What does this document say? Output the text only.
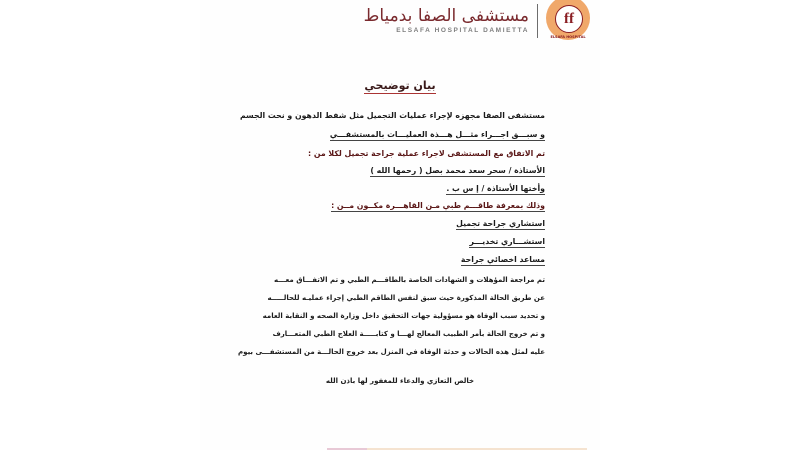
مستشفى الصفا بدمياط
ELSAFA HOSPITAL DAMIETTA
ff
ELSAFA HOSPITAL
بيان توضيحي
مستشفى الصفا مجهزه لإجراء عمليات التجميل مثل شفط الدهون و نحت الجسم
و سبـــق اجـــراء مثـــل هـــذة العمليـــات بالمستشفـــي
تم الاتفاق مع المستشفى لاجراء عملية جراحة تجميل لكلا من :
الأستاذة / سحر سعد محمد بصل ( رحمها الله )
وأختها الأستاذة / إ س ب .
وذلك بمعرفة طاقـــم طبي مـن القاهـــرة مكــون مــن :
استشاري جراحة تجميل
استشـــاري تخديـــر
مساعد اخصائي جراحة
تم مراجعة المؤهلات و الشهادات الخاصة بالطاقـــم الطبي و تم الاتفـــاق معـــه
عن طريق الحالة المذكورة حيث سبق لنفس الطاقم الطبي إجراء عمليـه للحالـــــه
و تحديد سبب الوفاة هو مسؤولية جهات التحقيق داخل وزارة الصحه و النقابة العامه
و تم خروج الحالة بأمر الطبيب المعالج لهـــا و كتابـــــة العلاج الطبي المتعـــارف
عليه لمثل هذه الحالات و حدثة الوفاة في المنزل بعد خروج الحالـــة من المستشفـــى بيوم
خالص التعازي والدعاء للمغفور لها باذن الله
